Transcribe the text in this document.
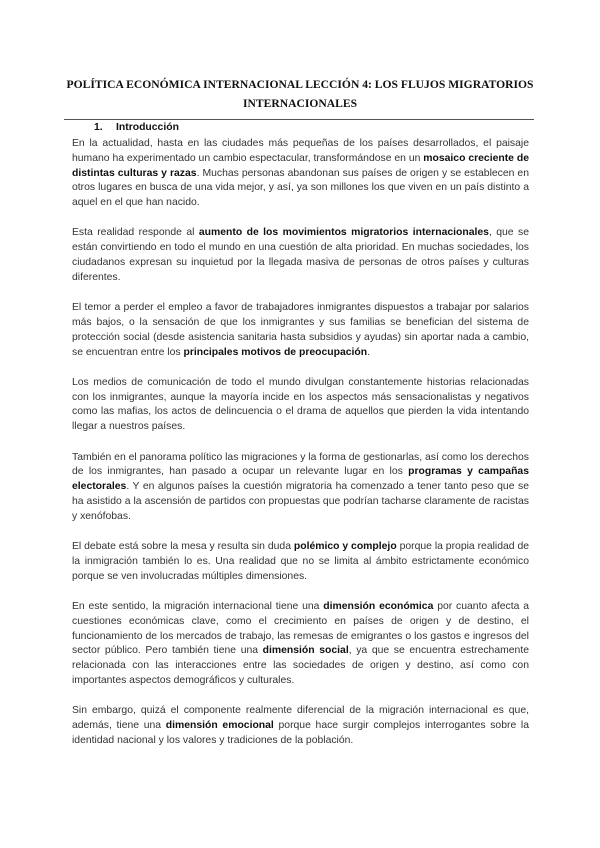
POLÍTICA ECONÓMICA INTERNACIONAL LECCIÓN 4: LOS FLUJOS MIGRATORIOS
INTERNACIONALES
1. Introducción

En la actualidad, hasta en las ciudades más pequeñas de los países desarrollados, el paisaje humano ha experimentado un cambio espectacular, transformándose en un mosaico creciente de distintas culturas y razas. Muchas personas abandonan sus países de origen y se establecen en otros lugares en busca de una vida mejor, y así, ya son millones los que viven en un país distinto a aquel en el que han nacido.

Esta realidad responde al aumento de los movimientos migratorios internacionales, que se están convirtiendo en todo el mundo en una cuestión de alta prioridad. En muchas sociedades, los ciudadanos expresan su inquietud por la llegada masiva de personas de otros países y culturas diferentes.

El temor a perder el empleo a favor de trabajadores inmigrantes dispuestos a trabajar por salarios más bajos, o la sensación de que los inmigrantes y sus familias se benefician del sistema de protección social (desde asistencia sanitaria hasta subsidios y ayudas) sin aportar nada a cambio, se encuentran entre los principales motivos de preocupación.

Los medios de comunicación de todo el mundo divulgan constantemente historias relacionadas con los inmigrantes, aunque la mayoría incide en los aspectos más sensacionalistas y negativos como las mafias, los actos de delincuencia o el drama de aquellos que pierden la vida intentando llegar a nuestros países.

También en el panorama político las migraciones y la forma de gestionarlas, así como los derechos de los inmigrantes, han pasado a ocupar un relevante lugar en los programas y campañas electorales. Y en algunos países la cuestión migratoria ha comenzado a tener tanto peso que se ha asistido a la ascensión de partidos con propuestas que podrían tacharse claramente de racistas y xenófobas.

El debate está sobre la mesa y resulta sin duda polémico y complejo porque la propia realidad de la inmigración también lo es. Una realidad que no se limita al ámbito estrictamente económico porque se ven involucradas múltiples dimensiones.

En este sentido, la migración internacional tiene una dimensión económica por cuanto afecta a cuestiones económicas clave, como el crecimiento en países de origen y de destino, el funcionamiento de los mercados de trabajo, las remesas de emigrantes o los gastos e ingresos del sector público. Pero también tiene una dimensión social, ya que se encuentra estrechamente relacionada con las interacciones entre las sociedades de origen y destino, así como con importantes aspectos demográficos y culturales.

Sin embargo, quizá el componente realmente diferencial de la migración internacional es que, además, tiene una dimensión emocional porque hace surgir complejos interrogantes sobre la identidad nacional y los valores y tradiciones de la población.
